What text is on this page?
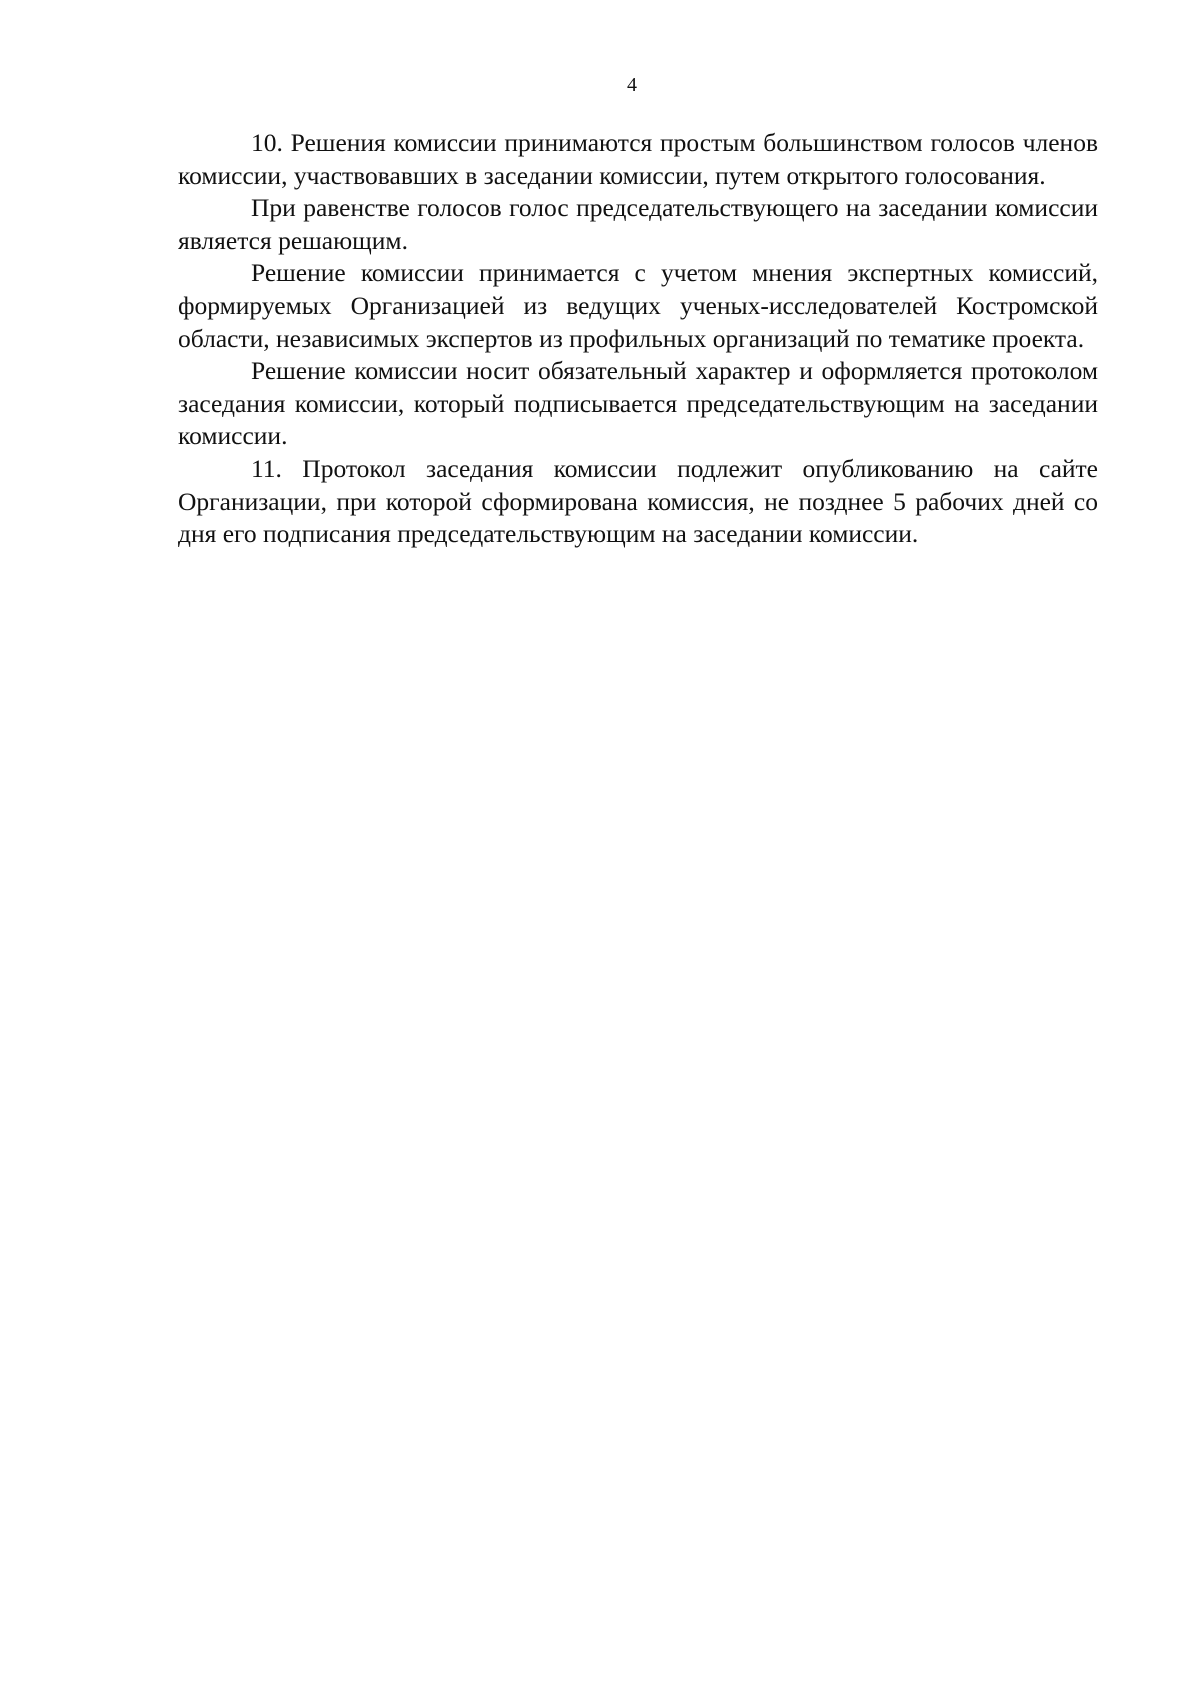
4

10. Решения комиссии принимаются простым большинством голосов членов комиссии, участвовавших в заседании комиссии, путем открытого голосования.

При равенстве голосов голос председательствующего на заседании комиссии является решающим.

Решение комиссии принимается с учетом мнения экспертных комиссий, формируемых Организацией из ведущих ученых-исследователей Костромской области, независимых экспертов из профильных организаций по тематике проекта.

Решение комиссии носит обязательный характер и оформляется протоколом заседания комиссии, который подписывается председательствующим на заседании комиссии.

11. Протокол заседания комиссии подлежит опубликованию на сайте Организации, при которой сформирована комиссия, не позднее 5 рабочих дней со дня его подписания председательствующим на заседании комиссии.
